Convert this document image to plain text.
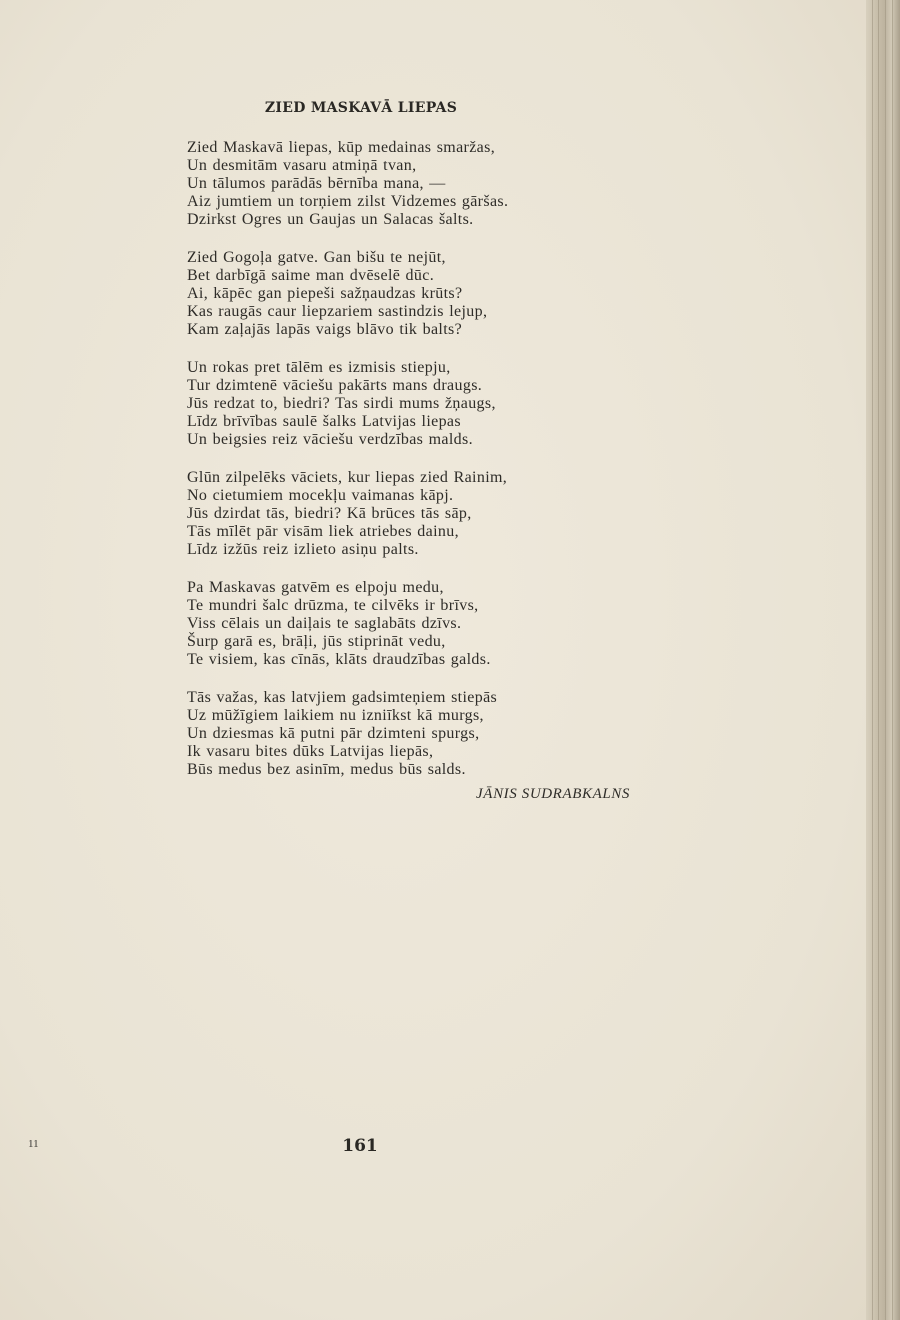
ZIED MASKAVĀ LIEPAS
Zied Maskavā liepas, kūp medainas smaržas,
Un desmitām vasaru atmiņā tvan,
Un tālumos parādās bērnība mana, —
Aiz jumtiem un torņiem zilst Vidzemes gāršas.
Dzirkst Ogres un Gaujas un Salacas šalts.
Zied Gogoļa gatve. Gan bišu te nejūt,
Bet darbīgā saime man dvēselē dūc.
Ai, kāpēc gan piepeši sažņaudzas krūts?
Kas raugās caur liepzariem sastindzis lejup,
Kam zaļajās lapās vaigs blāvo tik balts?
Un rokas pret tālēm es izmisis stiepju,
Tur dzimtenē vāciešu pakārts mans draugs.
Jūs redzat to, biedri? Tas sirdi mums žņaugs,
Līdz brīvības saulē šalks Latvijas liepas
Un beigsies reiz vāciešu verdzības malds.
Glūn zilpelēks vāciets, kur liepas zied Rainim,
No cietumiem mocekļu vaimanas kāpj.
Jūs dzirdat tās, biedri? Kā brūces tās sāp,
Tās mīlēt pār visām liek atriebes dainu,
Līdz izžūs reiz izlieto asiņu palts.
Pa Maskavas gatvēm es elpoju medu,
Te mundri šalc drūzma, te cilvēks ir brīvs,
Viss cēlais un daiļais te saglabāts dzīvs.
Šurp garā es, brāļi, jūs stiprināt vedu,
Te visiem, kas cīnās, klāts draudzības galds.
Tās važas, kas latvjiem gadsimteņiem stiepās
Uz mūžīgiem laikiem nu izniīkst kā murgs,
Un dziesmas kā putni pār dzimteni spurgs,
Ik vasaru bites dūks Latvijas liepās,
Būs medus bez asinīm, medus būs salds.
JĀNIS SUDRABKALNS
11	161
